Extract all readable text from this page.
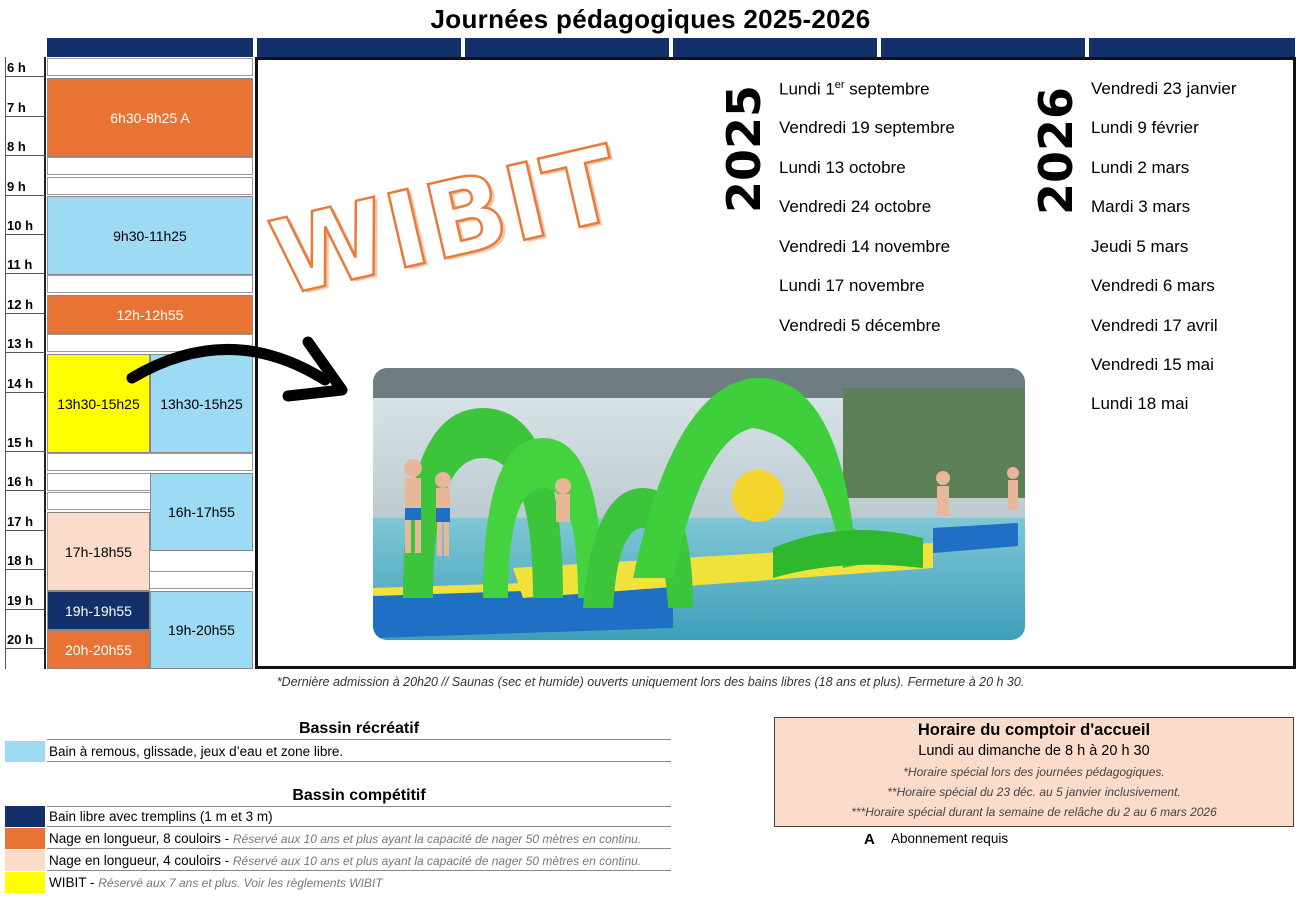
Journées pédagogiques 2025-2026
6 h
7 h
8 h
9 h
10 h
11 h
12 h
13 h
14 h
15 h
16 h
17 h
18 h
19 h
20 h
6h30-8h25 A
9h30-11h25
12h-12h55
13h30-15h25	13h30-15h25
16h-17h55
17h-18h55
19h-19h55
19h-20h55
20h-20h55
WIBIT 2025	2026
Lundi 1er septembre
Vendredi 19 septembre
Lundi 13 octobre
Vendredi 24 octobre
Vendredi 14 novembre
Lundi 17 novembre
Vendredi 5 décembre
Vendredi 23 janvier
Lundi 9 février
Lundi 2 mars
Mardi 3 mars
Jeudi 5 mars
Vendredi 6 mars
Vendredi 17 avril
Vendredi 15 mai
Lundi 18 mai
*Dernière admission à 20h20 // Saunas (sec et humide) ouverts uniquement lors des bains libres (18 ans et plus). Fermeture à 20 h 30.
Bassin récréatif
Bain à remous, glissade, jeux d’eau et zone libre.
Bassin compétitif
Bain libre avec tremplins (1 m et 3 m)
Nage en longueur, 8 couloirs - Réservé aux 10 ans et plus ayant la capacité de nager 50 mètres en continu.
Nage en longueur, 4 couloirs - Réservé aux 10 ans et plus ayant la capacité de nager 50 mètres en continu.
WIBIT - Réservé aux 7 ans et plus. Voir les règlements WIBIT
Horaire du comptoir d'accueil
Lundi au dimanche de 8 h à 20 h 30
*Horaire spécial lors des journées pédagogiques.
**Horaire spécial du 23 déc. au 5 janvier inclusivement.
***Horaire spécial durant la semaine de relâche du 2 au 6 mars 2026
A Abonnement requis
